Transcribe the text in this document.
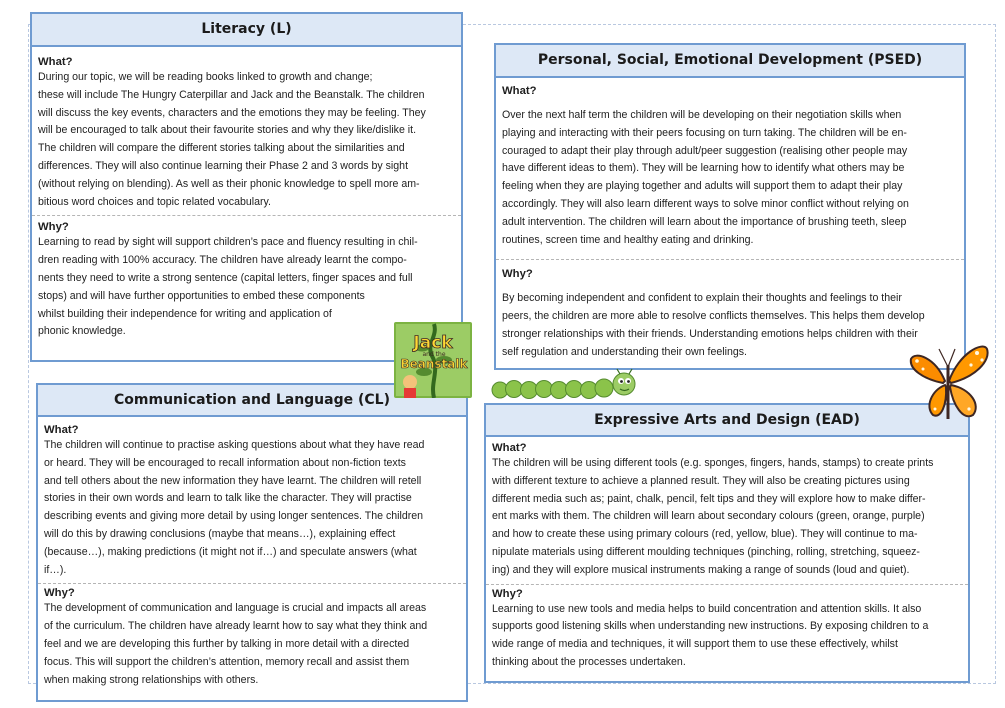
Literacy (L)
What?
During our topic, we will be reading books linked to growth and change;
these will include The Hungry Caterpillar and Jack and the Beanstalk. The children
will discuss the key events, characters and the emotions they may be feeling. They
will be encouraged to talk about their favourite stories and why they like/dislike it.
The children will compare the different stories talking about the similarities and
differences. They will also continue learning their Phase 2 and 3 words by sight
(without relying on blending). As well as their phonic knowledge to spell more am-
bitious word choices and topic related vocabulary.
Why?
Learning to read by sight will support children’s pace and fluency resulting in chil-
dren reading with 100% accuracy. The children have already learnt the compo-
nents they need to write a strong sentence (capital letters, finger spaces and full
stops) and will have further opportunities to embed these components
whilst building their independence for writing and application of
phonic knowledge.
Personal, Social, Emotional Development (PSED)
What?
Over the next half term the children will be developing on their negotiation skills when
playing and interacting with their peers focusing on turn taking. The children will be en-
couraged to adapt their play through adult/peer suggestion (realising other people may
have different ideas to them). They will be learning how to identify what others may be
feeling when they are playing together and adults will support them to adapt their play
accordingly. They will also learn different ways to solve minor conflict without relying on
adult intervention. The children will learn about the importance of brushing teeth, sleep
routines, screen time and healthy eating and drinking.
Why?
By becoming independent and confident to explain their thoughts and feelings to their
peers, the children are more able to resolve conflicts themselves. This helps them develop
stronger relationships with their friends. Understanding emotions helps children with their
self regulation and understanding their own feelings.
Communication and Language (CL)
What?
The children will continue to practise asking questions about what they have read
or heard. They will be encouraged to recall information about non-fiction texts
and tell others about the new information they have learnt. The children will retell
stories in their own words and learn to talk like the character. They will practise
describing events and giving more detail by using longer sentences. The children
will do this by drawing conclusions (maybe that means…), explaining effect
(because…), making predictions (it might not if…) and speculate answers (what
if…).
Why?
The development of communication and language is crucial and impacts all areas
of the curriculum. The children have already learnt how to say what they think and
feel and we are developing this further by talking in more detail with a directed
focus. This will support the children’s attention, memory recall and assist them
when making strong relationships with others.
Expressive Arts and Design (EAD)
What?
The children will be using different tools (e.g. sponges, fingers, hands, stamps) to create prints
with different texture to achieve a planned result. They will also be creating pictures using
different media such as; paint, chalk, pencil, felt tips and they will explore how to make differ-
ent marks with them. The children will learn about secondary colours (green, orange, purple)
and how to create these using primary colours (red, yellow, blue). They will continue to ma-
nipulate materials using different moulding techniques (pinching, rolling, stretching, squeez-
ing) and they will explore musical instruments making a range of sounds (loud and quiet).
Why?
Learning to use new tools and media helps to build concentration and attention skills. It also
supports good listening skills when understanding new instructions. By exposing children to a
wide range of media and techniques, it will support them to use these effectively, whilst
thinking about the processes undertaken.
Jack
and the
Beanstalk
